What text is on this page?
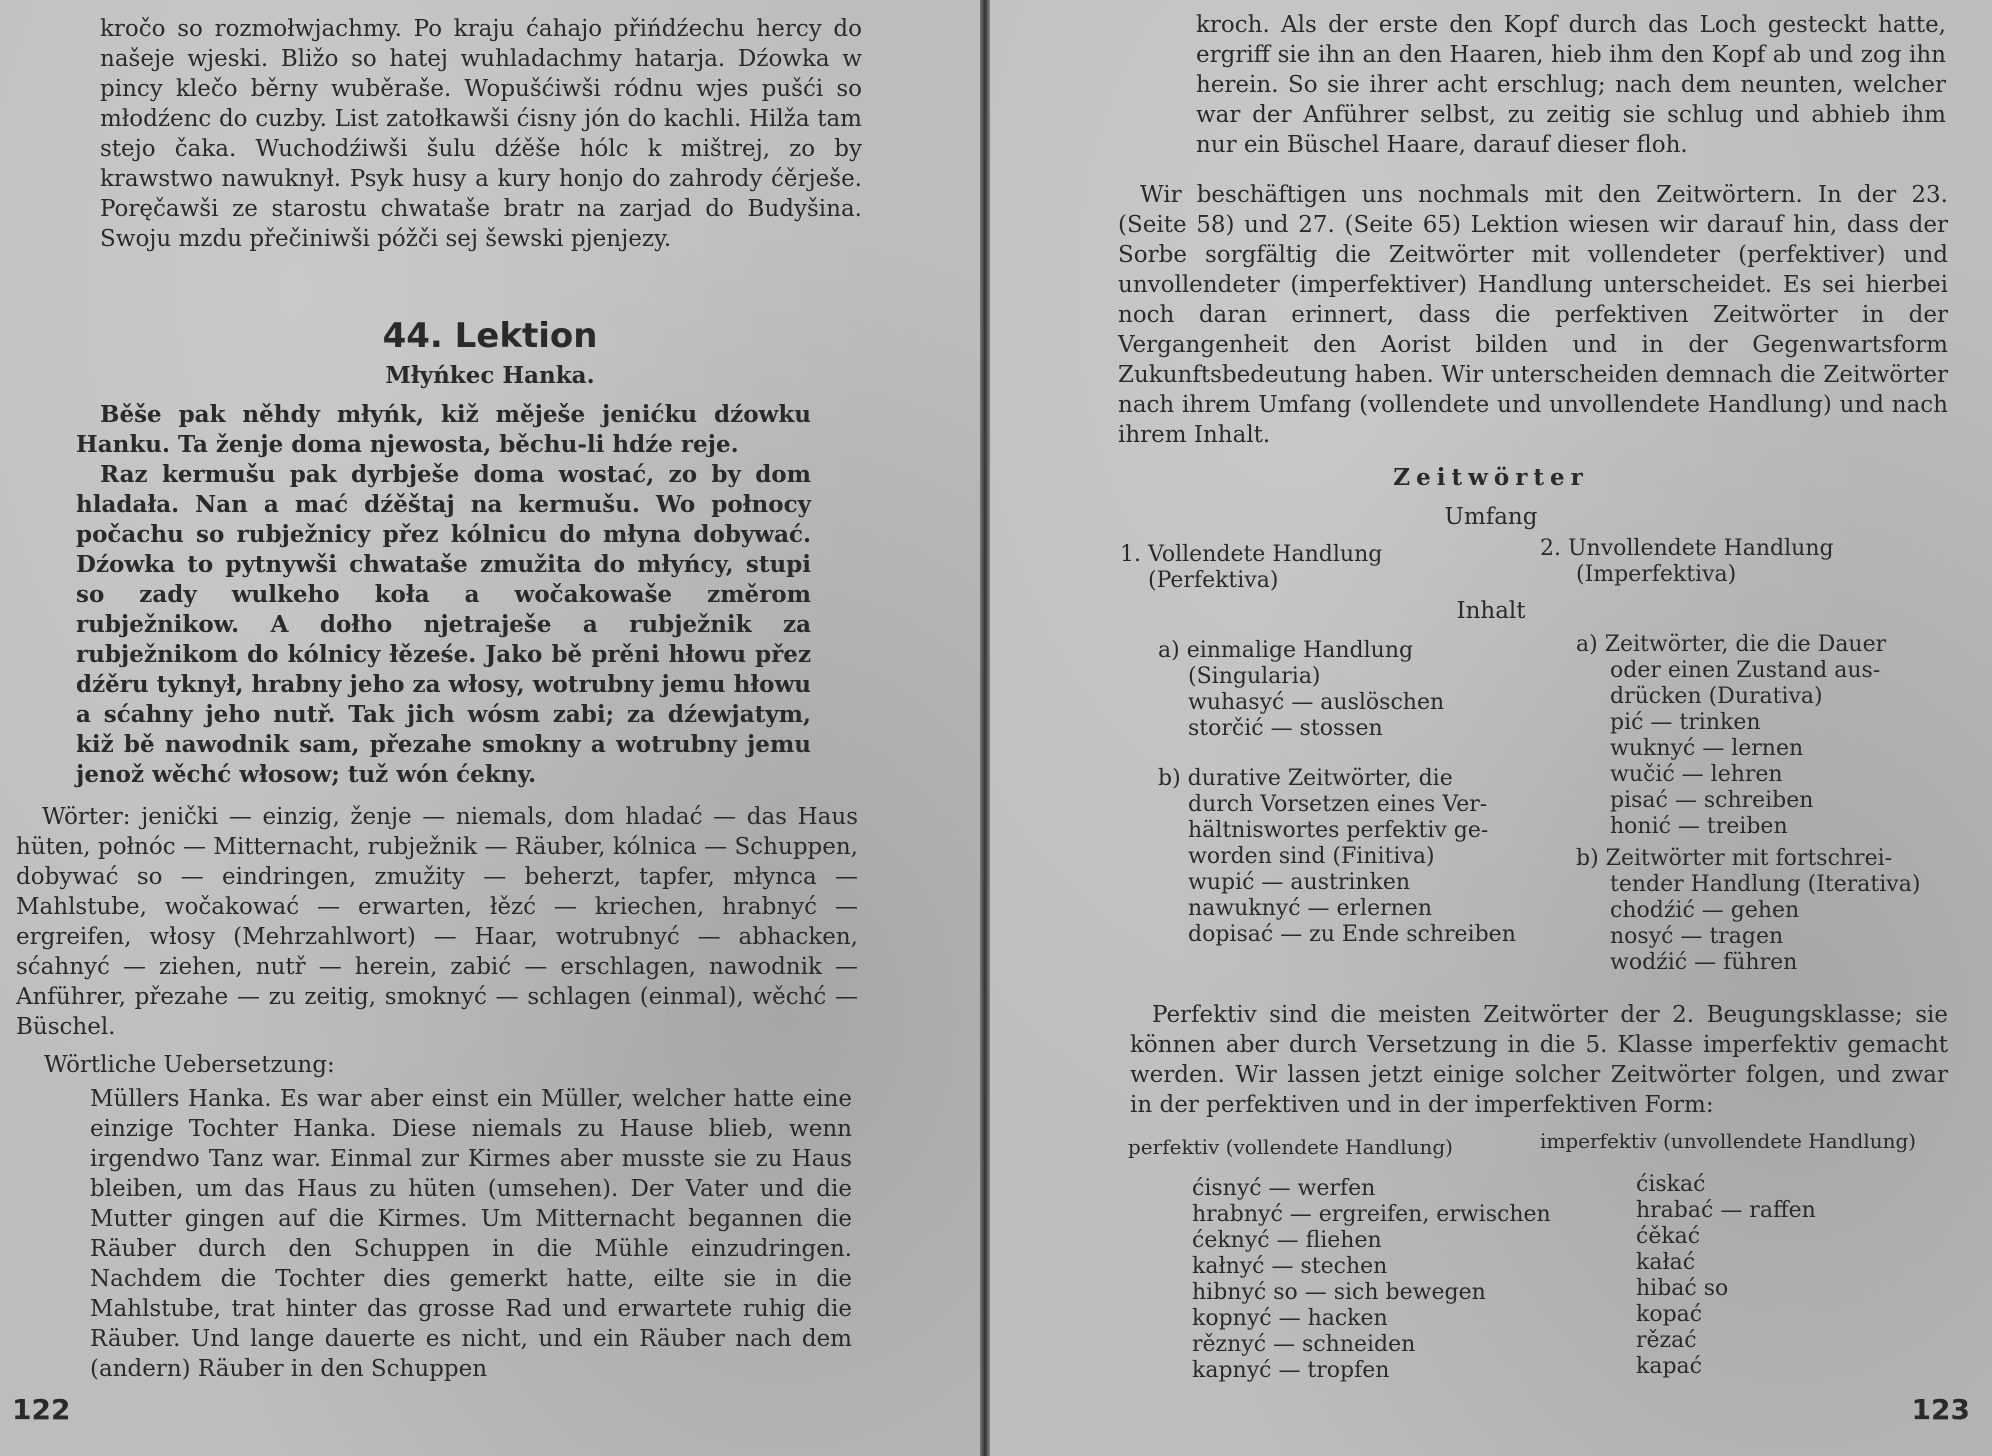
kročo so rozmołwjachmy. Po kraju ćahajo přińdźechu hercy do našeje wjeski. Bližo so hatej wuhladachmy hatarja. Dźowka w pincy klečo běrny wuběraše. Wopušćiwši ródnu wjes pušći so młodźenc do cuzby. List zatołkawši ćisny jón do kachli. Hilža tam stejo čaka. Wuchodźiwši šulu dźěše hólc k mištrej, zo by krawstwo nawuknył. Psyk husy a kury honjo do zahrody ćěrješe. Poręčawši ze starostu chwataše bratr na zarjad do Budyšina. Swoju mzdu přečiniwši póžči sej šewski pjenjezy.

44. Lektion

Młyńkec Hanka.

Běše pak něhdy młyńk, kiž měješe jenićku dźowku Hanku. Ta ženje doma njewosta, běchu-li hdźe reje.

Raz kermušu pak dyrbješe doma wostać, zo by dom hladała. Nan a mać dźěštaj na kermušu. Wo połnocy počachu so rubježnicy přez kólnicu do młyna dobywać. Dźowka to pytnywši chwataše zmužita do młyńcy, stupi so zady wulkeho koła a wočakowaše změrom rubježnikow. A dołho njetraješe a rubježnik za rubježnikom do kólnicy łěześe. Jako bě prěni hłowu přez dźěru tyknył, hrabny jeho za włosy, wotrubny jemu hłowu a sćahny jeho nutř. Tak jich wósm zabi; za dźewjatym, kiž bě nawodnik sam, přezahe smokny a wotrubny jemu jenož wěchć włosow; tuž wón ćekny.

Wörter: jenički — einzig, ženje — niemals, dom hladać — das Haus hüten, połnóc — Mitternacht, rubježnik — Räuber, kólnica — Schuppen, dobywać so — eindringen, zmužity — beherzt, tapfer, młynca — Mahlstube, wočakować — erwarten, łězć — kriechen, hrabnyć — ergreifen, włosy (Mehrzahlwort) — Haar, wotrubnyć — abhacken, sćahnyć — ziehen, nutř — herein, zabić — erschlagen, nawodnik — Anführer, přezahe — zu zeitig, smoknyć — schlagen (einmal), wěchć — Büschel.

Wörtliche Uebersetzung:

Müllers Hanka. Es war aber einst ein Müller, welcher hatte eine einzige Tochter Hanka. Diese niemals zu Hause blieb, wenn irgendwo Tanz war. Einmal zur Kirmes aber musste sie zu Haus bleiben, um das Haus zu hüten (umsehen). Der Vater und die Mutter gingen auf die Kirmes. Um Mitternacht begannen die Räuber durch den Schuppen in die Mühle einzudringen. Nachdem die Tochter dies gemerkt hatte, eilte sie in die Mahlstube, trat hinter das grosse Rad und erwartete ruhig die Räuber. Und lange dauerte es nicht, und ein Räuber nach dem (andern) Räuber in den Schuppen

122

kroch. Als der erste den Kopf durch das Loch gesteckt hatte, ergriff sie ihn an den Haaren, hieb ihm den Kopf ab und zog ihn herein. So sie ihrer acht erschlug; nach dem neunten, welcher war der Anführer selbst, zu zeitig sie schlug und abhieb ihm nur ein Büschel Haare, darauf dieser floh.

Wir beschäftigen uns nochmals mit den Zeitwörtern. In der 23. (Seite 58) und 27. (Seite 65) Lektion wiesen wir darauf hin, dass der Sorbe sorgfältig die Zeitwörter mit vollendeter (perfektiver) und unvollendeter (imperfektiver) Handlung unterscheidet. Es sei hierbei noch daran erinnert, dass die perfektiven Zeitwörter in der Vergangenheit den Aorist bilden und in der Gegenwartsform Zukunftsbedeutung haben. Wir unterscheiden demnach die Zeitwörter nach ihrem Umfang (vollendete und unvollendete Handlung) und nach ihrem Inhalt.

Zeitwörter

Umfang

1. Vollendete Handlung
(Perfektiva)
2. Unvollendete Handlung
(Imperfektiva)

Inhalt

a) einmalige Handlung
(Singularia)
wuhasyć — auslöschen
storčić — stossen
b) durative Zeitwörter, die
durch Vorsetzen eines Ver-
hältniswortes perfektiv ge-
worden sind (Finitiva)
wupić — austrinken
nawuknyć — erlernen
dopisać — zu Ende schreiben
a) Zeitwörter, die die Dauer
oder einen Zustand aus-
drücken (Durativa)
pić — trinken
wuknyć — lernen
wučić — lehren
pisać — schreiben
honić — treiben
b) Zeitwörter mit fortschrei-
tender Handlung (Iterativa)
chodźić — gehen
nosyć — tragen
wodźić — führen

Perfektiv sind die meisten Zeitwörter der 2. Beugungsklasse; sie können aber durch Versetzung in die 5. Klasse imperfektiv gemacht werden. Wir lassen jetzt einige solcher Zeitwörter folgen, und zwar in der perfektiven und in der imperfektiven Form:

perfektiv (vollendete Handlung)	imperfektiv (unvollendete Handlung)

ćisnyć — werfen
hrabnyć — ergreifen, erwischen
ćeknyć — fliehen
kałnyć — stechen
hibnyć so — sich bewegen
kopnyć — hacken
rěznyć — schneiden
kapnyć — tropfen
ćiskać
hrabać — raffen
ćěkać
kałać
hibać so
kopać
rězać
kapać
123
